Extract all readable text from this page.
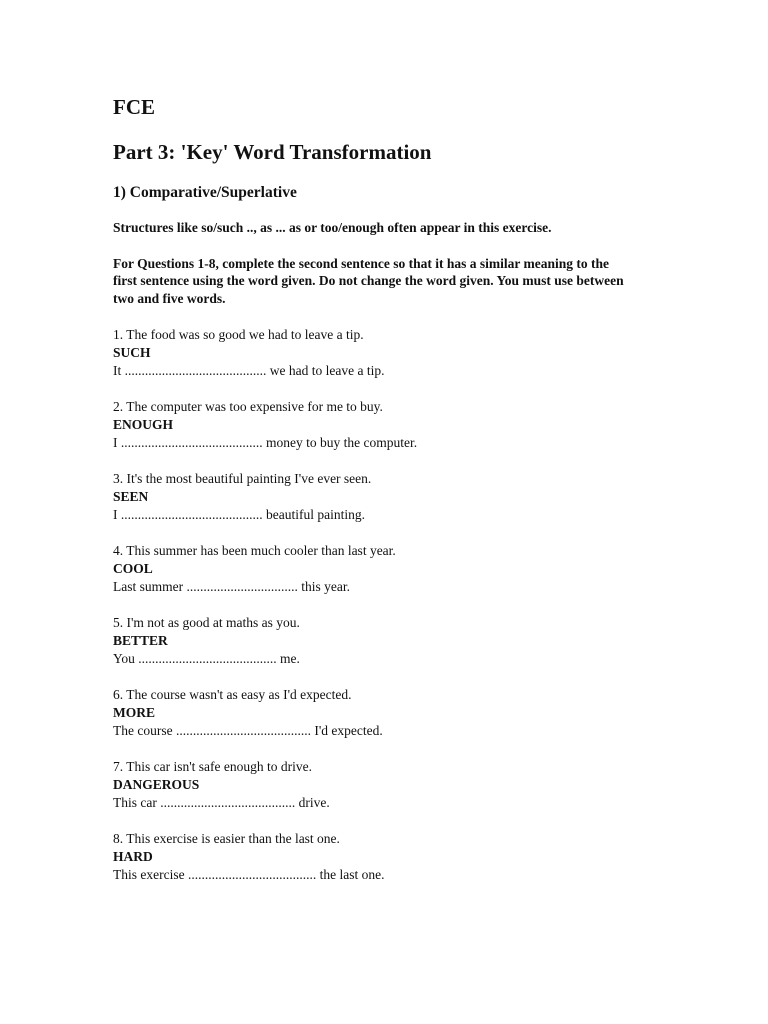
FCE
Part 3: 'Key' Word Transformation
1) Comparative/Superlative

Structures like so/such .., as ... as or too/enough often appear in this exercise.

For Questions 1-8, complete the second sentence so that it has a similar meaning to the first sentence using the word given. Do not change the word given. You must use between two and five words.

1. The food was so good we had to leave a tip.
SUCH
It .......................................... we had to leave a tip.
2. The computer was too expensive for me to buy.
ENOUGH
I .......................................... money to buy the computer.
3. It's the most beautiful painting I've ever seen.
SEEN
I .......................................... beautiful painting.
4. This summer has been much cooler than last year.
COOL
Last summer ................................. this year.
5. I'm not as good at maths as you.
BETTER
You ......................................... me.
6. The course wasn't as easy as I'd expected.
MORE
The course ........................................ I'd expected.
7. This car isn't safe enough to drive.
DANGEROUS
This car ........................................ drive.
8. This exercise is easier than the last one.
HARD
This exercise ...................................... the last one.
